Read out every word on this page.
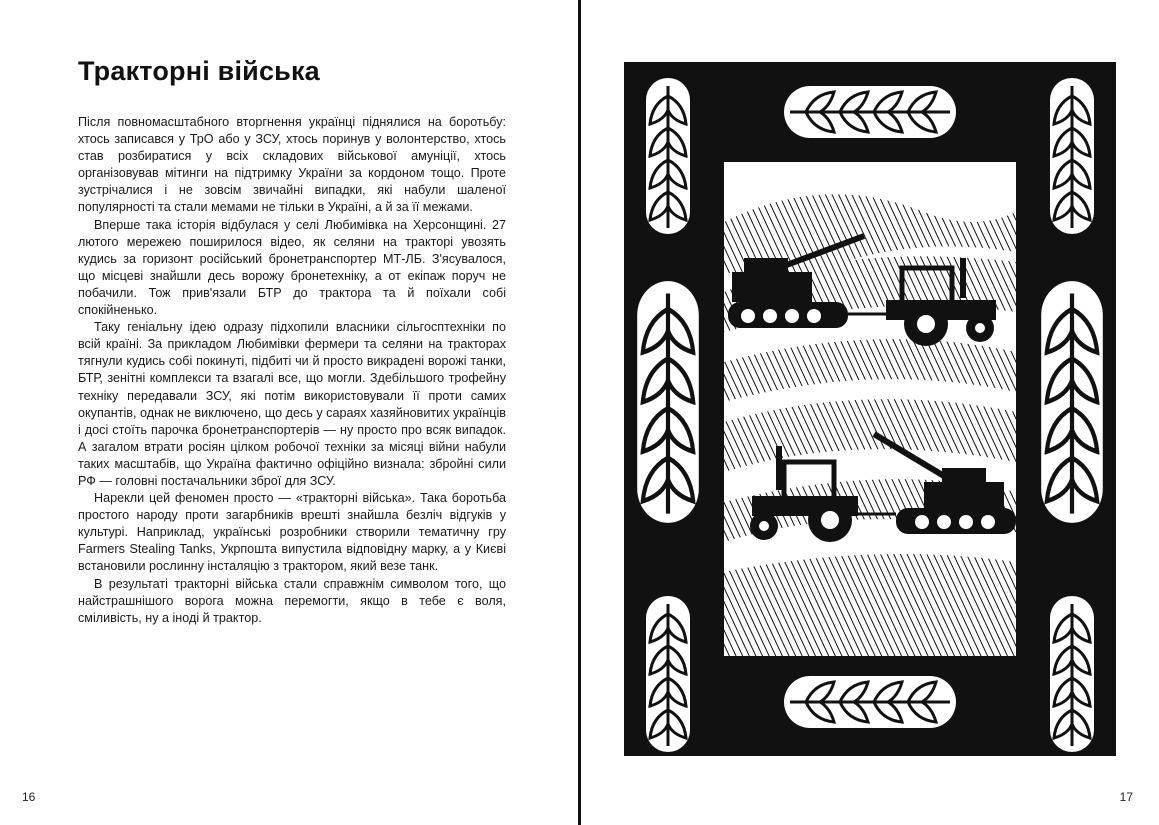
Тракторні війська

Після повномасштабного вторгнення українці піднялися на боротьбу: хтось записався у ТрО або у ЗСУ, хтось поринув у волонтерство, хтось став розбиратися у всіх складових військової амуніції, хтось організовував мітинги на підтримку України за кордоном тощо. Проте зустрічалися і не зовсім звичайні випадки, які набули шаленої популярності та стали мемами не тільки в Україні, а й за її межами.

Вперше така історія відбулася у селі Любимівка на Херсонщині. 27 лютого мережею поширилося відео, як селяни на тракторі увозять кудись за горизонт російський бронетранспортер МТ-ЛБ. З'ясувалося, що місцеві знайшли десь ворожу бронетехніку, а от екіпаж поруч не побачили. Тож прив'язали БТР до трактора та й поїхали собі спокійненько.

Таку геніальну ідею одразу підхопили власники сільгосптехніки по всій країні. За прикладом Любимівки фермери та селяни на тракторах тягнули кудись собі покинуті, підбиті чи й просто викрадені ворожі танки, БТР, зенітні комплекси та взагалі все, що могли. Здебільшого трофейну техніку передавали ЗСУ, які потім використовували її проти самих окупантів, однак не виключено, що десь у сараях хазяйновитих українців і досі стоїть парочка бронетранспортерів — ну просто про всяк випадок. А загалом втрати росіян цілком робочої техніки за місяці війни набули таких масштабів, що Україна фактично офіційно визнала: збройні сили РФ — головні постачальники зброї для ЗСУ.

Нарекли цей феномен просто — «тракторні війська». Така боротьба простого народу проти загарбників врешті знайшла безліч відгуків у культурі. Наприклад, українські розробники створили тематичну гру Farmers Stealing Tanks, Укрпошта випустила відповідну марку, а у Києві встановили рослинну інсталяцію з трактором, який везе танк.

В результаті тракторні війська стали справжнім символом того, що найстрашнішого ворога можна перемогти, якщо в тебе є воля, сміливість, ну а іноді й трактор.

16	17
